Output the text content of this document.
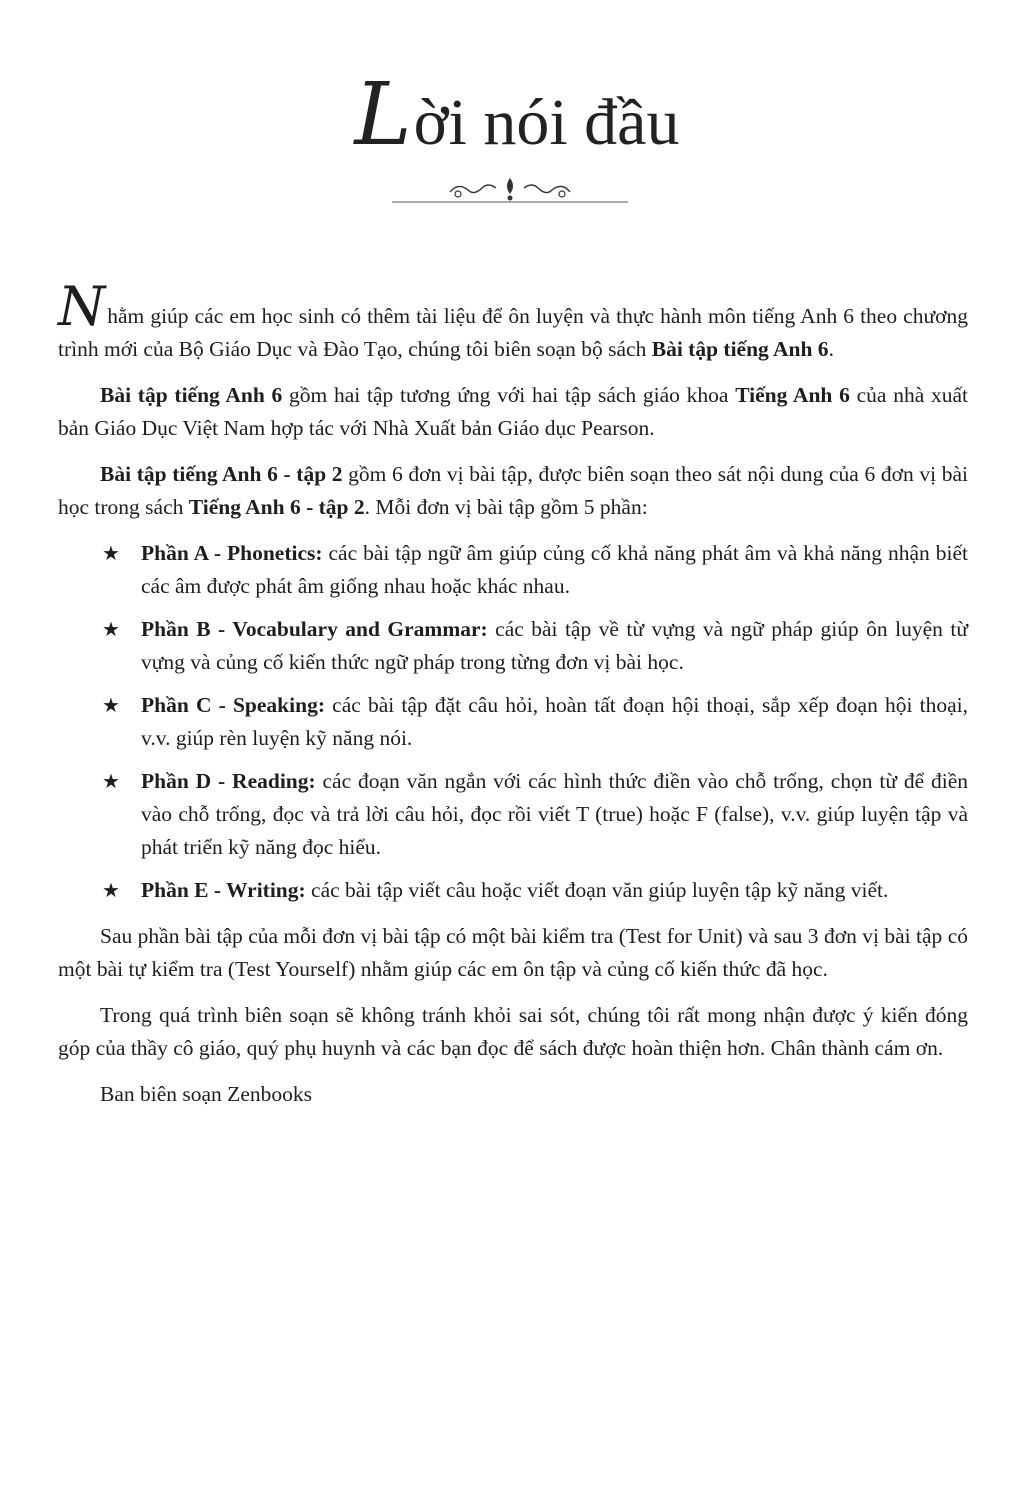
Lời nói đầu

Nhằm giúp các em học sinh có thêm tài liệu để ôn luyện và thực hành môn tiếng Anh 6 theo chương trình mới của Bộ Giáo Dục và Đào Tạo, chúng tôi biên soạn bộ sách Bài tập tiếng Anh 6.

Bài tập tiếng Anh 6 gồm hai tập tương ứng với hai tập sách giáo khoa Tiếng Anh 6 của nhà xuất bản Giáo Dục Việt Nam hợp tác với Nhà Xuất bản Giáo dục Pearson.

Bài tập tiếng Anh 6 - tập 2 gồm 6 đơn vị bài tập, được biên soạn theo sát nội dung của 6 đơn vị bài học trong sách Tiếng Anh 6 - tập 2. Mỗi đơn vị bài tập gồm 5 phần:

★ Phần A - Phonetics: các bài tập ngữ âm giúp củng cố khả năng phát âm và khả năng nhận biết các âm được phát âm giống nhau hoặc khác nhau.
★ Phần B - Vocabulary and Grammar: các bài tập về từ vựng và ngữ pháp giúp ôn luyện từ vựng và củng cố kiến thức ngữ pháp trong từng đơn vị bài học.
★ Phần C - Speaking: các bài tập đặt câu hỏi, hoàn tất đoạn hội thoại, sắp xếp đoạn hội thoại, v.v. giúp rèn luyện kỹ năng nói.
★ Phần D - Reading: các đoạn văn ngắn với các hình thức điền vào chỗ trống, chọn từ để điền vào chỗ trống, đọc và trả lời câu hỏi, đọc rồi viết T (true) hoặc F (false), v.v. giúp luyện tập và phát triển kỹ năng đọc hiểu.
★ Phần E - Writing: các bài tập viết câu hoặc viết đoạn văn giúp luyện tập kỹ năng viết.

Sau phần bài tập của mỗi đơn vị bài tập có một bài kiểm tra (Test for Unit) và sau 3 đơn vị bài tập có một bài tự kiểm tra (Test Yourself) nhằm giúp các em ôn tập và củng cố kiến thức đã học.

Trong quá trình biên soạn sẽ không tránh khỏi sai sót, chúng tôi rất mong nhận được ý kiến đóng góp của thầy cô giáo, quý phụ huynh và các bạn đọc để sách được hoàn thiện hơn. Chân thành cám ơn.

Ban biên soạn Zenbooks
